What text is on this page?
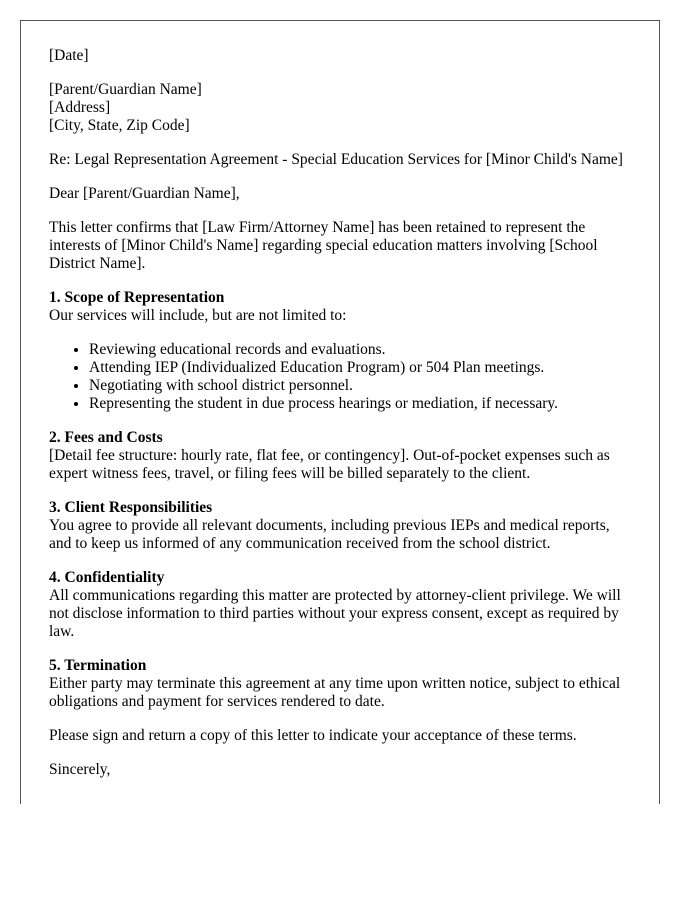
[Date]

[Parent/Guardian Name]
[Address]
[City, State, Zip Code]

Re: Legal Representation Agreement - Special Education Services for [Minor Child's Name]

Dear [Parent/Guardian Name],

This letter confirms that [Law Firm/Attorney Name] has been retained to represent the interests of [Minor Child's Name] regarding special education matters involving [School District Name].

1. Scope of Representation
Our services will include, but are not limited to:
• Reviewing educational records and evaluations.
• Attending IEP (Individualized Education Program) or 504 Plan meetings.
• Negotiating with school district personnel.
• Representing the student in due process hearings or mediation, if necessary.
2. Fees and Costs
[Detail fee structure: hourly rate, flat fee, or contingency]. Out-of-pocket expenses such as expert witness fees, travel, or filing fees will be billed separately to the client.
3. Client Responsibilities
You agree to provide all relevant documents, including previous IEPs and medical reports, and to keep us informed of any communication received from the school district.
4. Confidentiality
All communications regarding this matter are protected by attorney-client privilege. We will not disclose information to third parties without your express consent, except as required by law.
5. Termination
Either party may terminate this agreement at any time upon written notice, subject to ethical obligations and payment for services rendered to date.

Please sign and return a copy of this letter to indicate your acceptance of these terms.

Sincerely,
